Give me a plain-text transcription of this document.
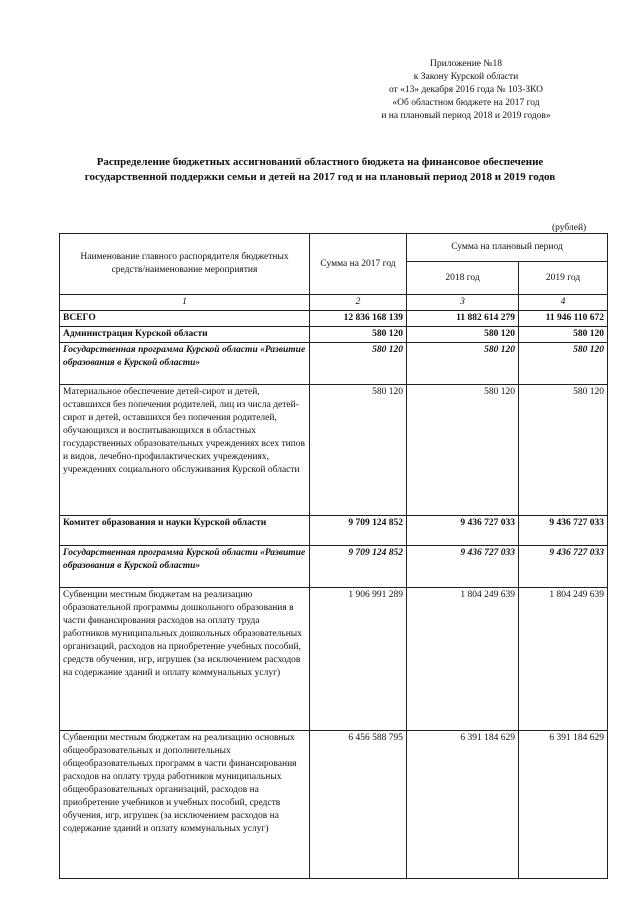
Приложение №18
к Закону Курской области
от «13» декабря 2016 года № 103-ЗКО
«Об областном бюджете на 2017 год
и на плановый период 2018 и 2019 годов»
Распределение бюджетных ассигнований областного бюджета на финансовое обеспечение
государственной поддержки семьи и детей на 2017 год и на плановый период 2018 и 2019 годов
(рублей)
Наименование главного распорядителя бюджетных средств/наименование мероприятия	Сумма на 2017 год	Сумма на плановый период	
		2018 год	2019 год
1	2	3	4
ВСЕГО	12 836 168 139	11 882 614 279	11 946 110 672
Администрация Курской области	580 120	580 120	580 120
Государственная программа Курской области «Развитие образования в Курской области»	580 120	580 120	580 120
Материальное обеспечение детей-сирот и детей, оставшихся без попечения родителей, лиц из числа детей-сирот и детей, оставшихся без попечения родителей, обучающихся и воспитывающихся в областных государственных образовательных учреждениях всех типов и видов, лечебно-профилактических учреждениях, учреждениях социального обслуживания Курской области	580 120	580 120	580 120
Комитет образования и науки Курской области	9 709 124 852	9 436 727 033	9 436 727 033
Государственная программа Курской области «Развитие образования в Курской области»	9 709 124 852	9 436 727 033	9 436 727 033
Субвенции местным бюджетам на реализацию образовательной программы дошкольного образования в части финансирования расходов на оплату труда работников муниципальных дошкольных образовательных организаций, расходов на приобретение учебных пособий, средств обучения, игр, игрушек (за исключением расходов на содержание зданий и оплату коммунальных услуг)	1 906 991 289	1 804 249 639	1 804 249 639
Субвенции местным бюджетам на реализацию основных общеобразовательных и дополнительных общеобразовательных программ в части финансирования расходов на оплату труда работников муниципальных общеобразовательных организаций, расходов на приобретение учебников и учебных пособий, средств обучения, игр, игрушек (за исключением расходов на содержание зданий и оплату коммунальных услуг)	6 456 588 795	6 391 184 629	6 391 184 629
